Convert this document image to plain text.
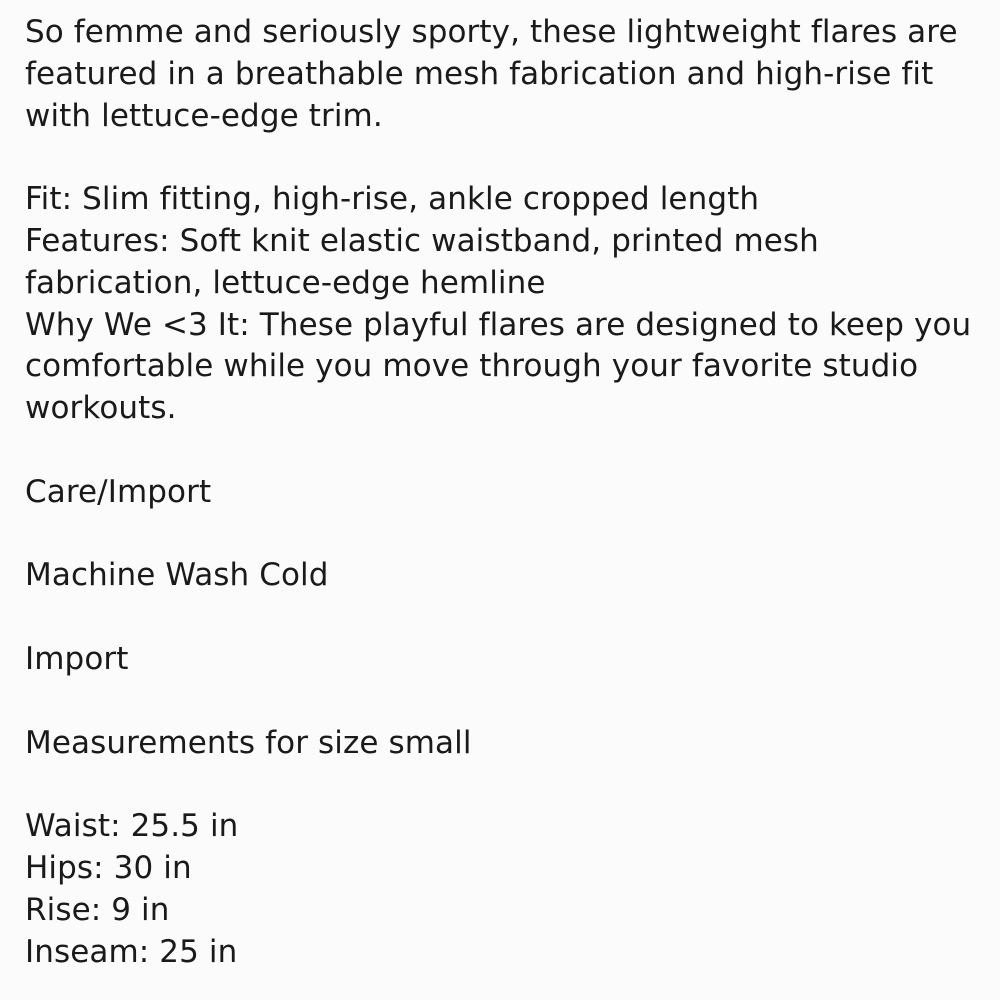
So femme and seriously sporty, these lightweight flares are
featured in a breathable mesh fabrication and high-rise fit
with lettuce-edge trim.
Fit: Slim fitting, high-rise, ankle cropped length
Features: Soft knit elastic waistband, printed mesh
fabrication, lettuce-edge hemline
Why We <3 It: These playful flares are designed to keep you
comfortable while you move through your favorite studio
workouts.
Care/Import
Machine Wash Cold
Import
Measurements for size small
Waist: 25.5 in
Hips: 30 in
Rise: 9 in
Inseam: 25 in
